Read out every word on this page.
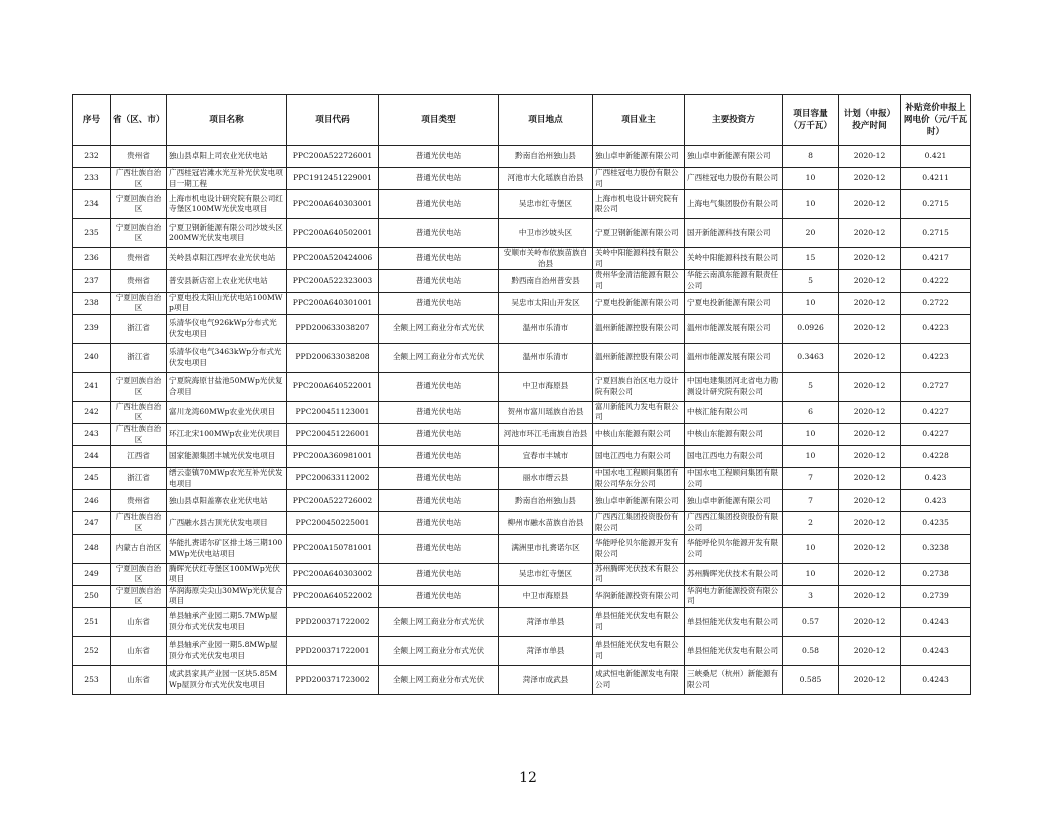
序号	省（区、市）	项目名称	项目代码	项目类型	项目地点	项目业主	主要投资方	项目容量（万千瓦）	计划（申报）投产时间	补贴竞价申报上网电价（元/千瓦时）
232	贵州省	独山县卓阳上司农业光伏电站	PPC200A522726001	普通光伏电站	黔南自治州独山县	独山卓申新能源有限公司	独山卓申新能源有限公司	8	2020-12	0.421
233	广西壮族自治区	广西桂冠岩滩水光互补光伏发电项目一期工程	PPC1912451229001	普通光伏电站	河池市大化瑶族自治县	广西桂冠电力股份有限公司	广西桂冠电力股份有限公司	10	2020-12	0.4211
234	宁夏回族自治区	上海市机电设计研究院有限公司红寺堡区100MW光伏发电项目	PPC200A640303001	普通光伏电站	吴忠市红寺堡区	上海市机电设计研究院有限公司	上海电气集团股份有限公司	10	2020-12	0.2715
235	宁夏回族自治区	宁夏卫钢新能源有限公司沙坡头区200MW光伏发电项目	PPC200A640502001	普通光伏电站	中卫市沙坡头区	宁夏卫钢新能源有限公司	国开新能源科技有限公司	20	2020-12	0.2715
236	贵州省	关岭县卓阳江西坪农业光伏电站	PPC200A520424006	普通光伏电站	安顺市关岭布依族苗族自治县	关岭中阳能源科技有限公司	关岭中阳能源科技有限公司	15	2020-12	0.4217
237	贵州省	普安县新店窑上农业光伏电站	PPC200A522323003	普通光伏电站	黔西南自治州普安县	贵州华金清洁能源有限公司	华能云南滇东能源有限责任公司	5	2020-12	0.4222
238	宁夏回族自治区	宁夏电投太阳山光伏电站100MWp项目	PPC200A640301001	普通光伏电站	吴忠市太阳山开发区	宁夏电投新能源有限公司	宁夏电投新能源有限公司	10	2020-12	0.2722
239	浙江省	乐清华仪电气926kWp分布式光伏发电项目	PPD200633038207	全额上网工商业分布式光伏	温州市乐清市	温州新能源控股有限公司	温州市能源发展有限公司	0.0926	2020-12	0.4223
240	浙江省	乐清华仪电气3463kWp分布式光伏发电项目	PPD200633038208	全额上网工商业分布式光伏	温州市乐清市	温州新能源控股有限公司	温州市能源发展有限公司	0.3463	2020-12	0.4223
241	宁夏回族自治区	宁夏院海原甘盐池50MWp光伏复合项目	PPC200A640522001	普通光伏电站	中卫市海原县	宁夏回族自治区电力设计院有限公司	中国电建集团河北省电力勘测设计研究院有限公司	5	2020-12	0.2727
242	广西壮族自治区	富川龙湾60MWp农业光伏项目	PPC200451123001	普通光伏电站	贺州市富川瑶族自治县	富川新能风力发电有限公司	中核汇能有限公司	6	2020-12	0.4227
243	广西壮族自治区	环江北宋100MWp农业光伏项目	PPC200451226001	普通光伏电站	河池市环江毛南族自治县	中核山东能源有限公司	中核山东能源有限公司	10	2020-12	0.4227
244	江西省	国家能源集团丰城光伏发电项目	PPC200A360981001	普通光伏电站	宜春市丰城市	国电江西电力有限公司	国电江西电力有限公司	10	2020-12	0.4228
245	浙江省	缙云壶镇70MWp农光互补光伏发电项目	PPC200633112002	普通光伏电站	丽水市缙云县	中国水电工程顾问集团有限公司华东分公司	中国水电工程顾问集团有限公司	7	2020-12	0.423
246	贵州省	独山县卓阳盖寨农业光伏电站	PPC200A522726002	普通光伏电站	黔南自治州独山县	独山卓申新能源有限公司	独山卓申新能源有限公司	7	2020-12	0.423
247	广西壮族自治区	广西融水县古顶光伏发电项目	PPC200450225001	普通光伏电站	柳州市融水苗族自治县	广西西江集团投资股份有限公司	广西西江集团投资股份有限公司	2	2020-12	0.4235
248	内蒙古自治区	华能扎赉诺尔矿区排土场三期100MWp光伏电站项目	PPC200A150781001	普通光伏电站	满洲里市扎赉诺尔区	华能呼伦贝尔能源开发有限公司	华能呼伦贝尔能源开发有限公司	10	2020-12	0.3238
249	宁夏回族自治区	腾晖光伏红寺堡区100MWp光伏项目	PPC200A640303002	普通光伏电站	吴忠市红寺堡区	苏州腾晖光伏技术有限公司	苏州腾晖光伏技术有限公司	10	2020-12	0.2738
250	宁夏回族自治区	华润海原尖尖山30MWp光伏复合项目	PPC200A640522002	普通光伏电站	中卫市海原县	华润新能源投资有限公司	华润电力新能源投资有限公司	3	2020-12	0.2739
251	山东省	单县轴承产业园二期5.7MWp屋顶分布式光伏发电项目	PPD200371722002	全额上网工商业分布式光伏	菏泽市单县	单县恒能光伏发电有限公司	单县恒能光伏发电有限公司	0.57	2020-12	0.4243
252	山东省	单县轴承产业园一期5.8MWp屋顶分布式光伏发电项目	PPD200371722001	全额上网工商业分布式光伏	菏泽市单县	单县恒能光伏发电有限公司	单县恒能光伏发电有限公司	0.58	2020-12	0.4243
253	山东省	成武县家具产业园一区块5.85MWp屋顶分布式光伏发电项目	PPD200371723002	全额上网工商业分布式光伏	菏泽市成武县	成武恒电新能源发电有限公司	三峡桑尼（杭州）新能源有限公司	0.585	2020-12	0.4243
12
